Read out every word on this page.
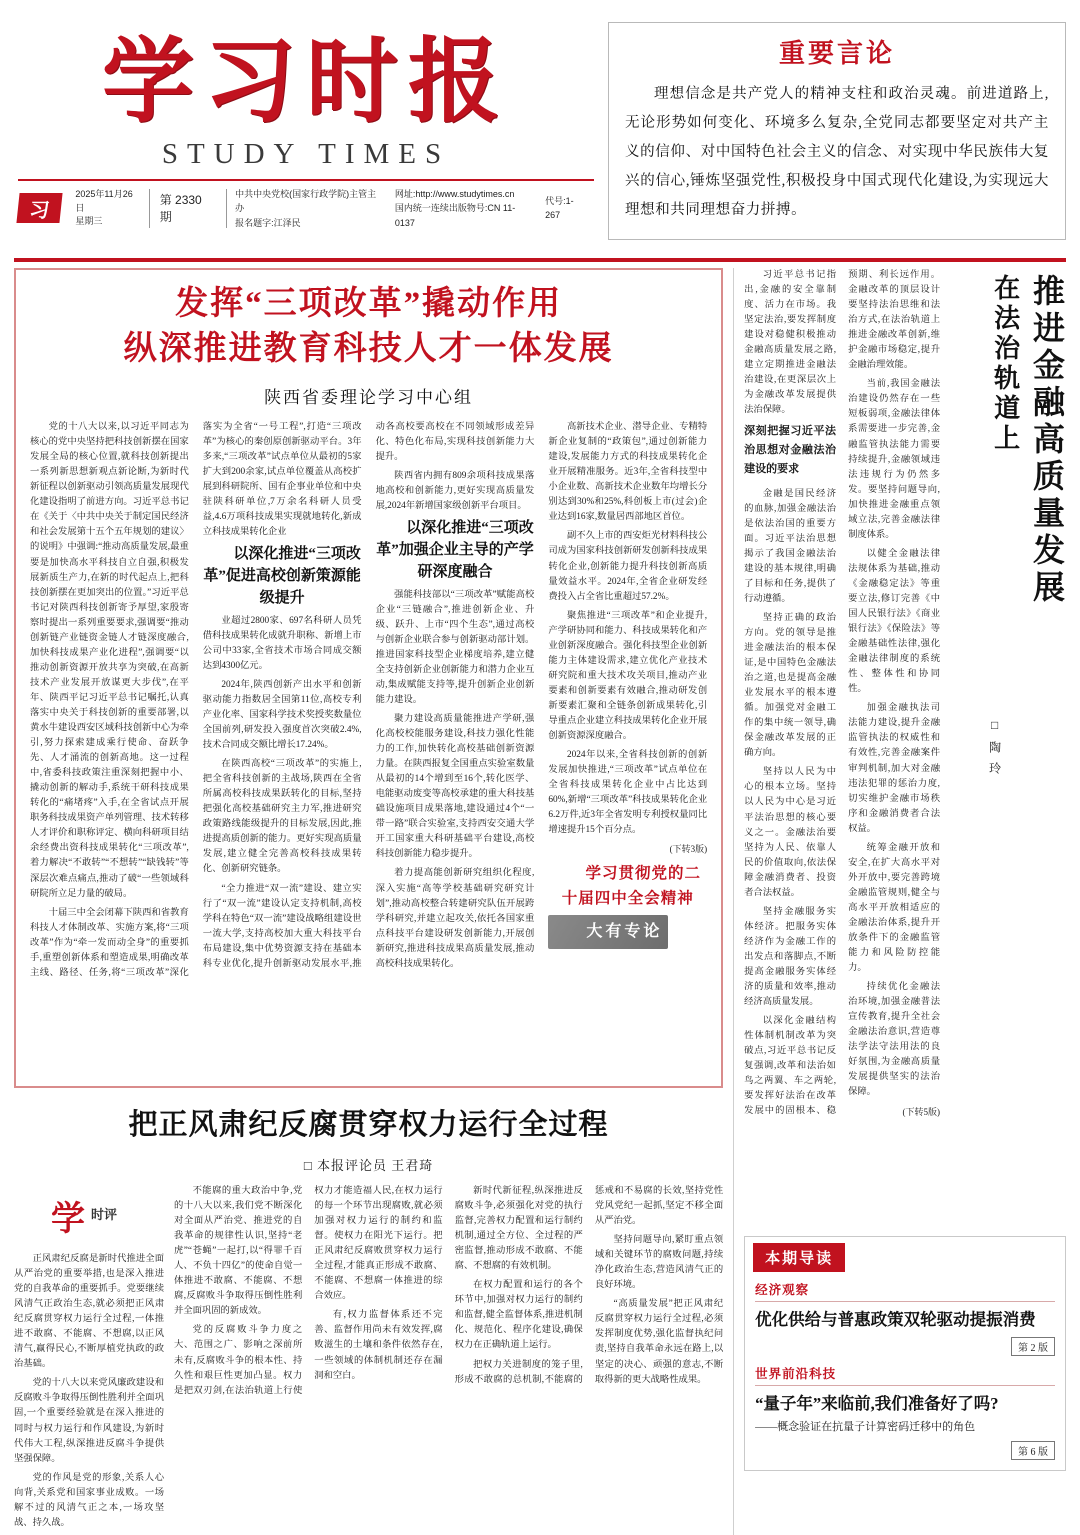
学习时报
STUDY TIMES
习
2025年11月26日
星期三
第 2330 期
中共中央党校(国家行政学院)主管主办
报名题字:江泽民
网址:http://www.studytimes.cn
国内统一连续出版物号:CN 11-0137
代号:1-267
重要言论
理想信念是共产党人的精神支柱和政治灵魂。前进道路上,无论形势如何变化、环境多么复杂,全党同志都要坚定对共产主义的信仰、对中国特色社会主义的信念、对实现中华民族伟大复兴的信心,锤炼坚强党性,积极投身中国式现代化建设,为实现远大理想和共同理想奋力拼搏。
发挥“三项改革”撬动作用
纵深推进教育科技人才一体发展
陕西省委理论学习中心组

党的十八大以来,以习近平同志为核心的党中央坚持把科技创新摆在国家发展全局的核心位置,就科技创新提出一系列新思想新观点新论断,为新时代新征程以创新驱动引领高质量发展现代化建设指明了前进方向。习近平总书记在《关于〈中共中央关于制定国民经济和社会发展第十五个五年规划的建议〉的说明》中强调:“推动高质量发展,最重要是加快高水平科技自立自强,积极发展新质生产力,在新的时代起点上,把科技创新摆在更加突出的位置。”习近平总书记对陕西科技创新寄予厚望,家殷寄察时提出一系列重要要求,强调要“推动创新链产业链资金链人才链深度融合,加快科技成果产业化进程”,强调要“以推动创新资源开放共享为突破,在高新技术产业发展开放谋更大步伐”,在平年、陕西平记习近平总书记嘱托,认真落实中央关于科技创新的重要部署,以黄水牛建设西安区域科技创新中心为牵引,努力探索建成乘行使命、奋跃争先、人才涌流的创新高地。这一过程中,省委科技政策注重深刻把握中小、撬动创新的解动手,系统干研科技成果转化的“痛堵疼”入手,在全省试点开展职务科技成果资产单列管理、技术转移人才评价和职称评定、横向科研项目结余经费出资科技成果转化“三项改革”,着力解决“不敢转”“不想转”“缺钱转”等深层次难点痛点,推动了破“一些领域科研院所立足力量的破局。

十届三中全会闭幕下陕西和省教育科技人才体制改革、实施方案,将“三项改革”作为“牵一发而动全身”的重要抓手,重塑创新体系和塑造成果,明确改革主线、路径、任务,将“三项改革”深化落实为全省“一号工程”,打造“三项改革”为核心的秦创原创新驱动平台。3年多来,“三项改革”试点单位从最初的5家扩大到200余家,试点单位覆盖从高校扩展到科研院所、国有企事业单位和中央驻陕科研单位,7万余名科研人员受益,4.6万项科技成果实现就地转化,新成立科技成果转化企业

以深化推进“三项改革”促进高校创新策源能级提升

业超过2800家、697名科研人员凭借科技成果转化成就升职称、新增上市公司中33家,全省技术市场合同成交额达到4300亿元。

2024年,陕西创新产出水平和创新驱动能力指数居全国第11位,高校专利产业化率、国家科学技术奖授奖数量位全国前列,研发投入强度首次突破2.4%,技术合同成交额比增长17.24%。

在陕西高校“三项改革”的实施上,把全省科技创新的主战场,陕西在全省所属高校科技成果跃转化的目标,坚持把强化高校基础研究主力军,推进研究政策路线能级提升的目标发展,因此,推进提高质创新的能力。更好实现高质量发展,建立健全完善高校科技成果转化、创新研究链条。

“全力推进“双一流”建设、建立实行了“双一流”建设认定支持机制,高校学科在特色“双一流”建设战略组建设世一流大学,支持高校加大重大科技平台布局建设,集中优势资源支持在基础本科专业优化,提升创新驱动发展水平,推动各高校要高校在不同领域形成差异化、特色化布局,实现科技创新能力大提升。

陕西省内拥有809余项科技成果落地高校和创新能力,更好实现高质量发展,2024年新增国家级创新平台项目。

以深化推进“三项改革”加强企业主导的产学研深度融合

强能科技部以“三项改革”赋能高校企业“三链融合”,推进创新企业、升级、跃升、上市“四个生态”,通过高校与创新企业联合参与创新驱动部计划。推进国家科技型企业梯度培养,建立健全支持创新企业创新能力和潜力企业互动,集成赋能支持等,提升创新企业创新能力建设。

聚力建设高质量能推进产学研,强化高校校能服务建设,科技力强化性能力的工作,加快转化高校基础创新资源力量。在陕西报复全国重点实验室数量从最初的14个增到至16个,转化医学、电能驱动废变等高校承建的重大科技基础设施项目成果落地,建设通过4个“一带一路”联合实验室,支持西安交通大学开工国家重大科研基础平台建设,高校科技创新能力稳步提升。

着力提高能创新研究组织化程度,深入实施“高等学校基础研究研究计划”,推动高校整合转建研究队伍开展跨学科研究,并建立起攻关,依托各国家重点科技平台建设研发创新能力,开展创新研究,推进科技成果高质量发展,推动高校科技成果转化。

高新技术企业、潜导企业、专精特新企业复制的“政策包”,通过创新能力建设,发展能力方式的科技成果转化企业开展精准服务。近3年,全省科技型中小企业数、高新技术企业数年均增长分别达到30%和25%,科创板上市(过会)企业达到16家,数量居西部地区首位。

副不久上市的西安炬光材料科技公司成为国家科技创新研发创新科技成果转化企业,创新能力提升科技创新高质量效益水平。2024年,全省企业研发经费投入占全省比重超过57.2%。

聚焦推进“三项改革”和企业提升,产学研协同和能力、科技成果转化和产业创新深度融合。强化科技型企业创新能力主体建设需求,建立优化产业技术研究院和重大技术攻关项目,推动产业要素和创新要素有效融合,推动研发创新要素汇聚和全链条创新成果转化,引导重点企业建立科技成果转化企业开展创新资源深度融合。

2024年以来,全省科技创新的创新发展加快推进,“三项改革”试点单位在全省科技成果转化企业中占比达到60%,新增“三项改革”科技成果转化企业6.2万件,近3年全省发明专利授权量同比增速提升15个百分点。

(下转3版)

学习贯彻党的二十届四中全会精神

大有专论

把正风肃纪反腐贯穿权力运行全过程
□ 本报评论员 王君琦
学 时评

正风肃纪反腐是新时代推进全面从严治党的重要举措,也是深入推进党的自我革命的重要抓手。党要继续风清气正政治生态,就必须把正风肃纪反腐贯穿权力运行全过程,一体推进不敢腐、不能腐、不想腐,以正风清气,赢得民心,不断厚植党执政的政治基础。

党的十八大以来党风廉政建设和反腐败斗争取得压倒性胜利并全面巩固,一个重要经验就是在深入推进的同时与权力运行和作风建设,为新时代伟大工程,纵深推进反腐斗争提供坚强保障。

党的作风是党的形象,关系人心向背,关系党和国家事业成败。一场解不过的风清气正之本,一场攻坚战、持久战。

不能腐的重大政治中争,党的十八大以来,我们党不断深化对全面从严治党、推进党的自我革命的规律性认识,坚持“老虎”“苍蝇”一起打,以“得罪千百人、不负十四亿”的使命自觉一体推进不敢腐、不能腐、不想腐,反腐败斗争取得压倒性胜利并全面巩固的新成效。

党的反腐败斗争力度之大、范围之广、影响之深前所未有,反腐败斗争的根本性、持久性和艰巨性更加凸显。权力是把双刃剑,在法治轨道上行使权力才能造福人民,在权力运行的每一个环节出现腐败,就必须加强对权力运行的制约和监督。使权力在阳光下运行。把正风肃纪反腐败贯穿权力运行全过程,才能真正形成不敢腐、不能腐、不想腐一体推进的综合效应。

有,权力监督体系还不完善、监督作用尚未有效发挥,腐败滋生的土壤和条件依然存在,一些领域的体制机制还存在漏洞和空白。

新时代新征程,纵深推进反腐败斗争,必须强化对党的执行监督,完善权力配置和运行制约机制,通过全方位、全过程的严密监督,推动形成不敢腐、不能腐、不想腐的有效机制。

在权力配置和运行的各个环节中,加强对权力运行的制约和监督,健全监督体系,推进机制化、规范化、程序化建设,确保权力在正确轨道上运行。

把权力关进制度的笼子里,形成不敢腐的总机制,不能腐的惩戒和不易腐的长效,坚持党性党风党纪一起抓,坚定不移全面从严治党。

坚持问题导向,紧盯重点领域和关键环节的腐败问题,持续净化政治生态,营造风清气正的良好环境。

“高质量发展”把正风肃纪反腐贯穿权力运行全过程,必须发挥制度优势,强化监督执纪问责,坚持自我革命永远在路上,以坚定的决心、顽强的意志,不断取得新的更大战略性成果。

推进金融高质量发展
在法治轨道上
□ 陶 玲

习近平总书记指出,金融的安全靠制度、活力在市场。我坚定法治,要发挥制度建设对稳健积极推动金融高质量发展之路,建立定期推进金融法治建设,在更深层次上为金融改革发展提供法治保障。

深刻把握习近平法治思想对金融法治建设的要求

金融是国民经济的血脉,加强金融法治是依法治国的重要方面。习近平法治思想揭示了我国金融法治建设的基本规律,明确了目标和任务,提供了行动遵循。

坚持正确的政治方向。党的领导是推进金融法治的根本保证,是中国特色金融法治之道,也是提高金融业发展水平的根本遵循。加强党对金融工作的集中统一领导,确保金融改革发展的正确方向。

坚持以人民为中心的根本立场。坚持以人民为中心是习近平法治思想的核心要义之一。金融法治要坚持为人民、依靠人民的价值取向,依法保障金融消费者、投资者合法权益。

坚持金融服务实体经济。把服务实体经济作为金融工作的出发点和落脚点,不断提高金融服务实体经济的质量和效率,推动经济高质量发展。

以深化金融结构性体制机制改革为突破点,习近平总书记反复强调,改革和法治如鸟之两翼、车之两轮,要发挥好法治在改革发展中的固根本、稳预期、利长远作用。金融改革的顶层设计要坚持法治思维和法治方式,在法治轨道上推进金融改革创新,维护金融市场稳定,提升金融治理效能。

当前,我国金融法治建设仍然存在一些短板弱项,金融法律体系需要进一步完善,金融监管执法能力需要持续提升,金融领域违法违规行为仍然多发。要坚持问题导向,加快推进金融重点领域立法,完善金融法律制度体系。

以健全金融法律法规体系为基础,推动《金融稳定法》等重要立法,修订完善《中国人民银行法》《商业银行法》《保险法》等金融基础性法律,强化金融法律制度的系统性、整体性和协同性。

加强金融执法司法能力建设,提升金融监管执法的权威性和有效性,完善金融案件审判机制,加大对金融违法犯罪的惩治力度,切实维护金融市场秩序和金融消费者合法权益。

统筹金融开放和安全,在扩大高水平对外开放中,要完善跨境金融监管规则,健全与高水平开放相适应的金融法治体系,提升开放条件下的金融监管能力和风险防控能力。

持续优化金融法治环境,加强金融普法宣传教育,提升全社会金融法治意识,营造尊法学法守法用法的良好氛围,为金融高质量发展提供坚实的法治保障。

(下转5版)

本期导读
经济观察
优化供给与普惠政策双轮驱动提振消费
第 2 版
世界前沿科技
“量子年”来临前,我们准备好了吗?
——概念验证在抗量子计算密码迁移中的角色
第 6 版
